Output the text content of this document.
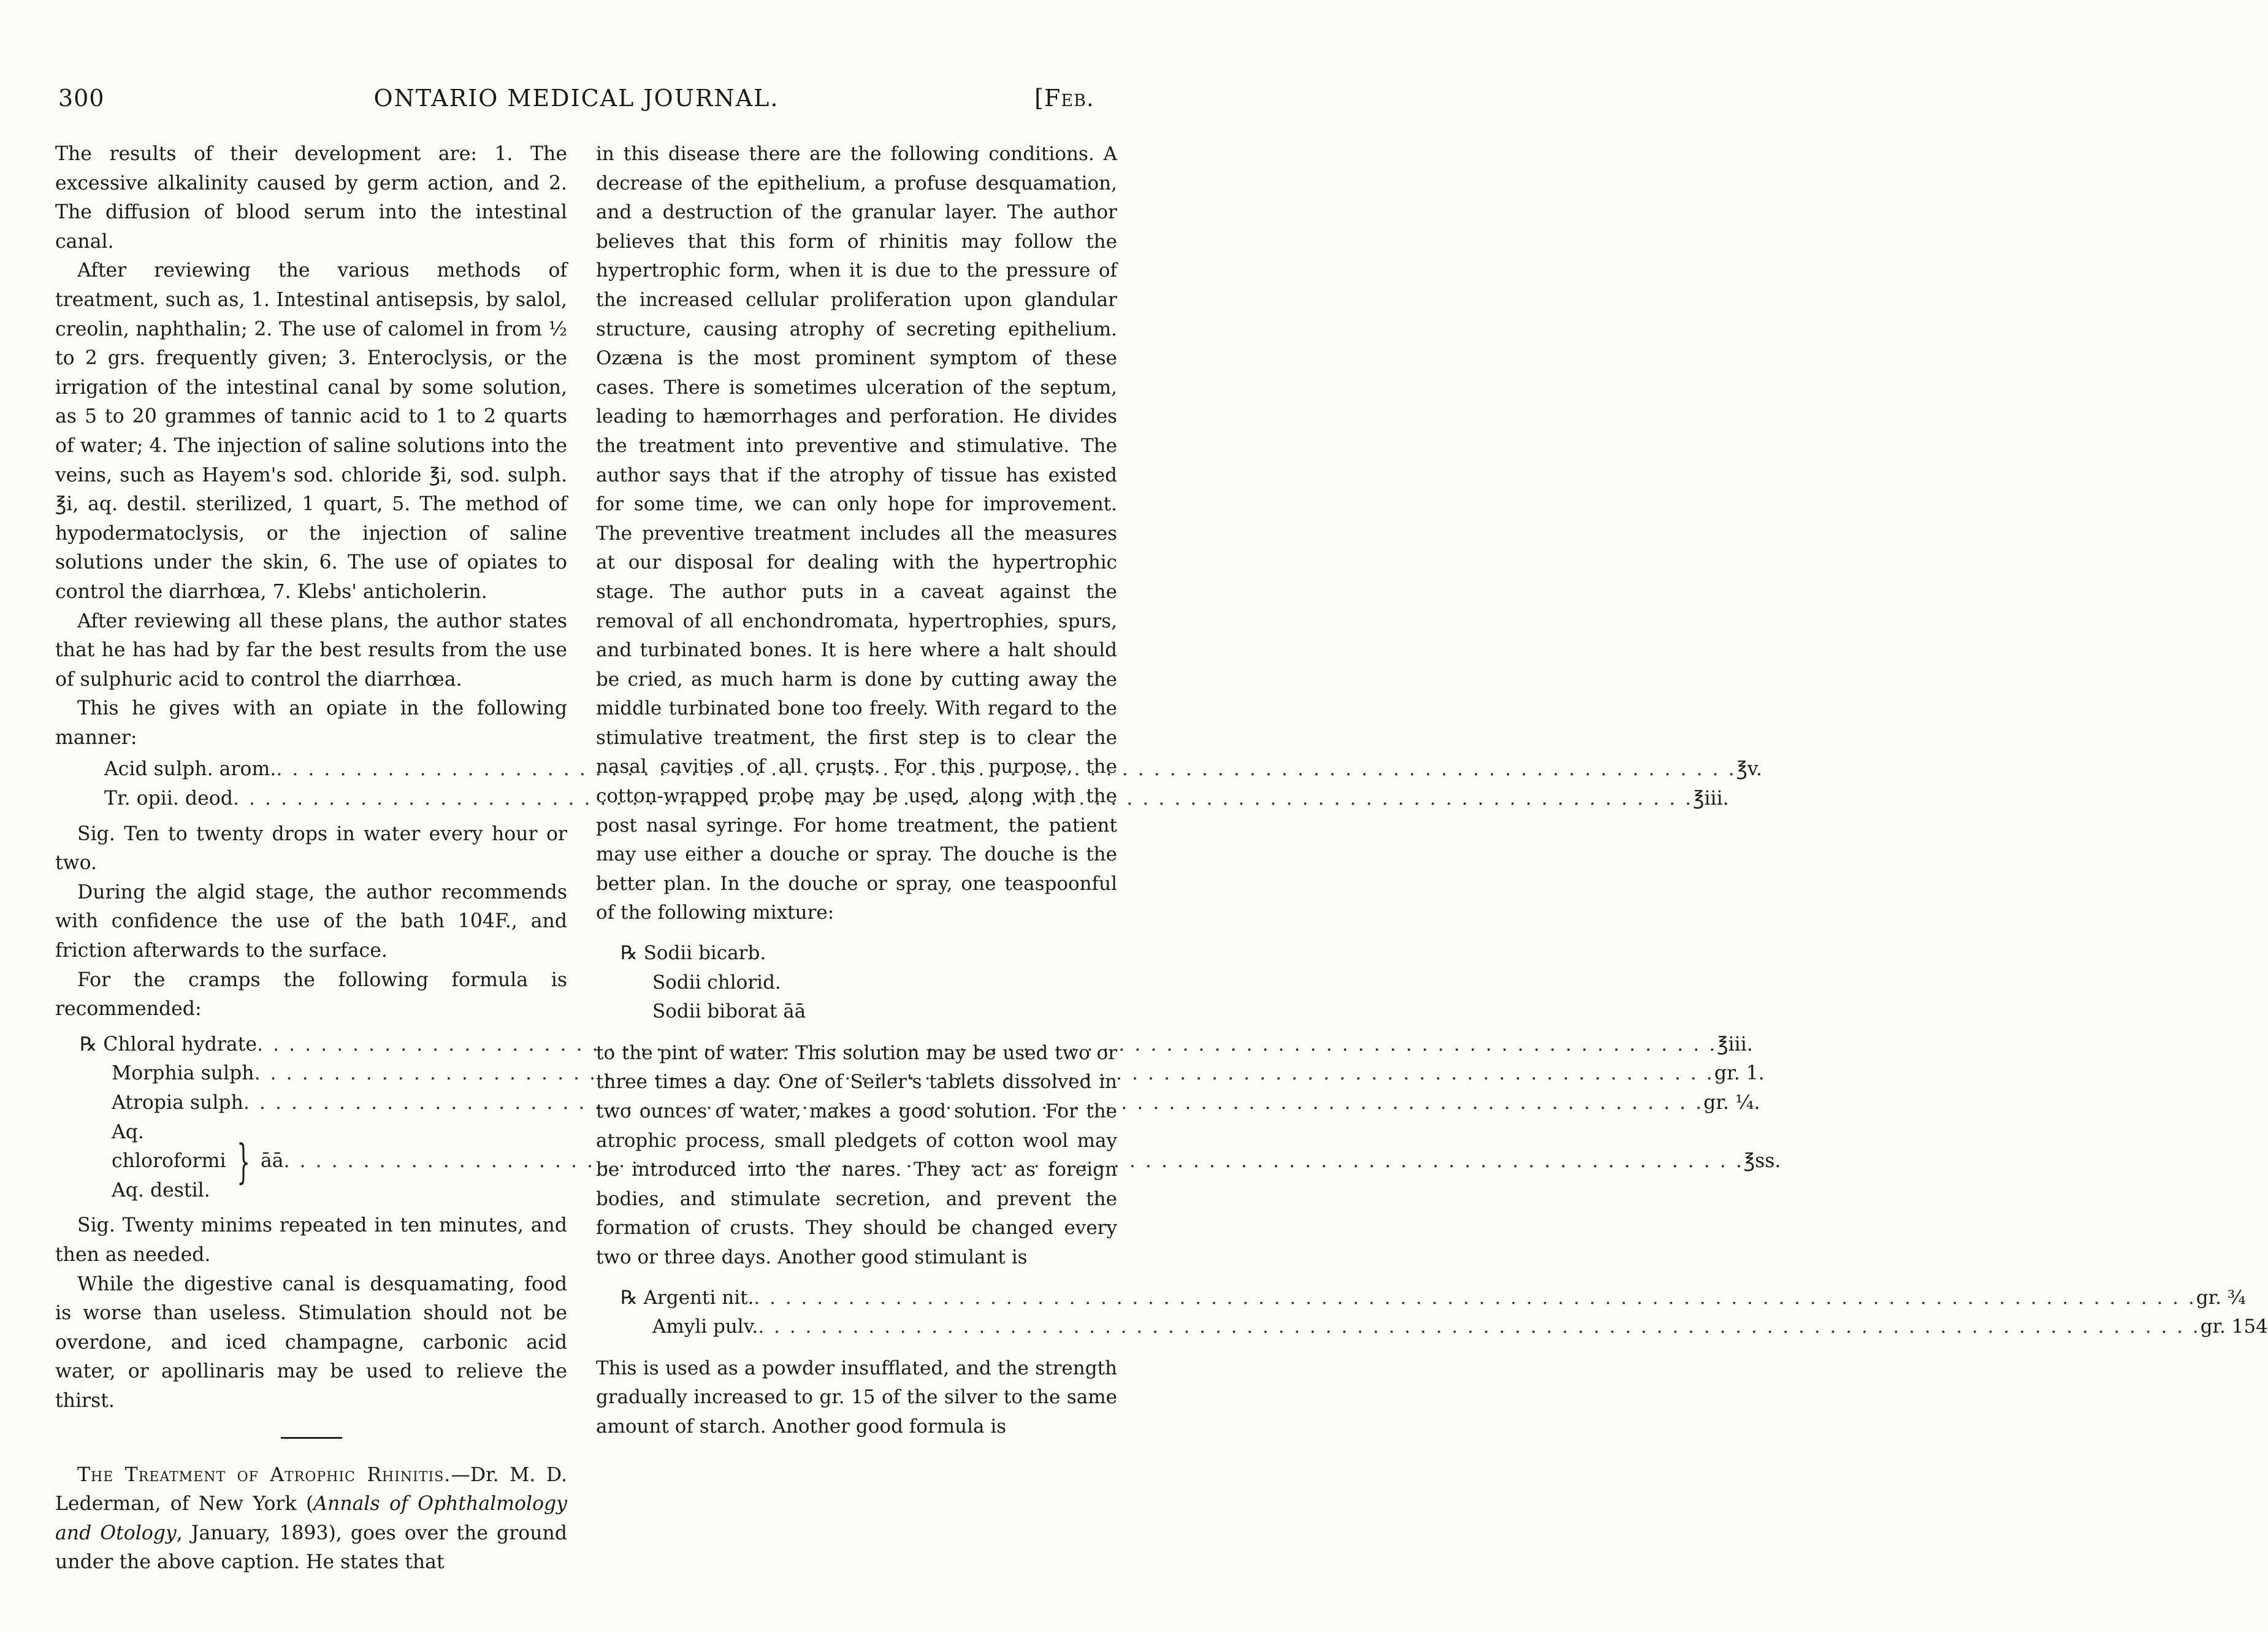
300	ONTARIO MEDICAL JOURNAL.	[Feb.

The results of their development are: 1. The excessive alkalinity caused by germ action, and 2. The diffusion of blood serum into the intestinal canal.

After reviewing the various methods of treatment, such as, 1. Intestinal antisepsis, by salol, creolin, naphthalin; 2. The use of calomel in from ½ to 2 grs. frequently given; 3. Enteroclysis, or the irrigation of the intestinal canal by some solution, as 5 to 20 grammes of tannic acid to 1 to 2 quarts of water; 4. The injection of saline solutions into the veins, such as Hayem's sod. chloride ℥i, sod. sulph. ℥i, aq. destil. sterilized, 1 quart, 5. The method of hypodermatoclysis, or the injection of saline solutions under the skin, 6. The use of opiates to control the diarrhœa, 7. Klebs' anticholerin.

After reviewing all these plans, the author states that he has had by far the best results from the use of sulphuric acid to control the diarrhœa.

This he gives with an opiate in the following manner:

Acid sulph. arom. . . .	℥v.
Tr. opii. deod . . .	℥iii.

Sig. Ten to twenty drops in water every hour or two.

During the algid stage, the author recommends with confidence the use of the bath 104F., and friction afterwards to the surface.

For the cramps the following formula is recommended:

℞ Chloral hydrate . . .	℥iii.
Morphia sulph . . .	gr. 1.
Atropia sulph . . .	gr. ¼.
Aq. chloroformi
Aq. destil.
} āā . . .	℥ss.

Sig. Twenty minims repeated in ten minutes, and then as needed.

While the digestive canal is desquamating, food is worse than useless. Stimulation should not be overdone, and iced champagne, carbonic acid water, or apollinaris may be used to relieve the thirst.

The Treatment of Atrophic Rhinitis.—Dr. M. D. Lederman, of New York (Annals of Ophthalmology and Otology, January, 1893), goes over the ground under the above caption. He states that

in this disease there are the following conditions. A decrease of the epithelium, a profuse desquamation, and a destruction of the granular layer. The author believes that this form of rhinitis may follow the hypertrophic form, when it is due to the pressure of the increased cellular proliferation upon glandular structure, causing atrophy of secreting epithelium. Ozæna is the most prominent symptom of these cases. There is sometimes ulceration of the septum, leading to hæmorrhages and perforation. He divides the treatment into preventive and stimulative. The author says that if the atrophy of tissue has existed for some time, we can only hope for improvement. The preventive treatment includes all the measures at our disposal for dealing with the hypertrophic stage. The author puts in a caveat against the removal of all enchondromata, hypertrophies, spurs, and turbinated bones. It is here where a halt should be cried, as much harm is done by cutting away the middle turbinated bone too freely. With regard to the stimulative treatment, the first step is to clear the nasal cavities of all crusts. For this purpose, the cotton-wrapped probe may be used, along with the post nasal syringe. For home treatment, the patient may use either a douche or spray. The douche is the better plan. In the douche or spray, one teaspoonful of the following mixture:

℞ Sodii bicarb.
Sodii chlorid.
Sodii biborat āā

to the pint of water. This solution may be used two or three times a day. One of Seiler's tablets dissolved in two ounces of water, makes a good solution. For the atrophic process, small pledgets of cotton wool may be introduced into the nares. They act as foreign bodies, and stimulate secretion, and prevent the formation of crusts. They should be changed every two or three days. Another good stimulant is

℞ Argenti nit. . . .	gr. ¾
Amyli pulv. . . .	gr. 154

This is used as a powder insufflated, and the strength gradually increased to gr. 15 of the silver to the same amount of starch. Another good formula is
